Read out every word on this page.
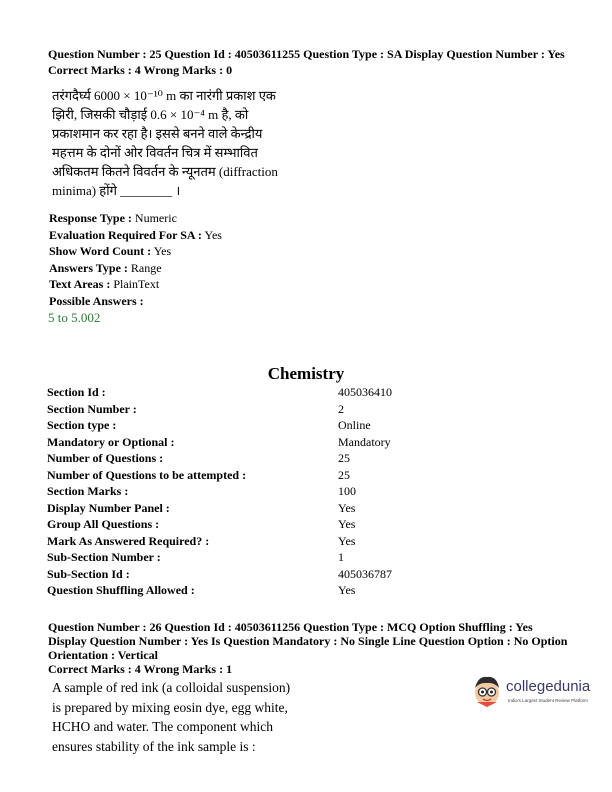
Question Number : 25 Question Id : 40503611255 Question Type : SA Display Question Number : Yes
Correct Marks : 4 Wrong Marks : 0
तरंगदैर्घ्य 6000 × 10⁻¹⁰ m का नारंगी प्रकाश एक
झिरी, जिसकी चौड़ाई 0.6 × 10⁻⁴ m है, को
प्रकाशमान कर रहा है। इससे बनने वाले केन्द्रीय
महत्तम के दोनों ओर विवर्तन चित्र में सम्भावित
अधिकतम कितने विवर्तन के न्यूनतम (diffraction
minima) होंगे ________ ।
Response Type : Numeric
Evaluation Required For SA : Yes
Show Word Count : Yes
Answers Type : Range
Text Areas : PlainText
Possible Answers :
5 to 5.002
Chemistry
Section Id :	405036410
Section Number :	2
Section type :	Online
Mandatory or Optional :	Mandatory
Number of Questions :	25
Number of Questions to be attempted :	25
Section Marks :	100
Display Number Panel :	Yes
Group All Questions :	Yes
Mark As Answered Required? :	Yes
Sub-Section Number :	1
Sub-Section Id :	405036787
Question Shuffling Allowed :	Yes
Question Number : 26 Question Id : 40503611256 Question Type : MCQ Option Shuffling : Yes
Display Question Number : Yes Is Question Mandatory : No Single Line Question Option : No Option
Orientation : Vertical
Correct Marks : 4 Wrong Marks : 1
A sample of red ink (a colloidal suspension)
is prepared by mixing eosin dye, egg white,
HCHO and water. The component which
ensures stability of the ink sample is :
collegedunia
India's Largest Student Review Platform
